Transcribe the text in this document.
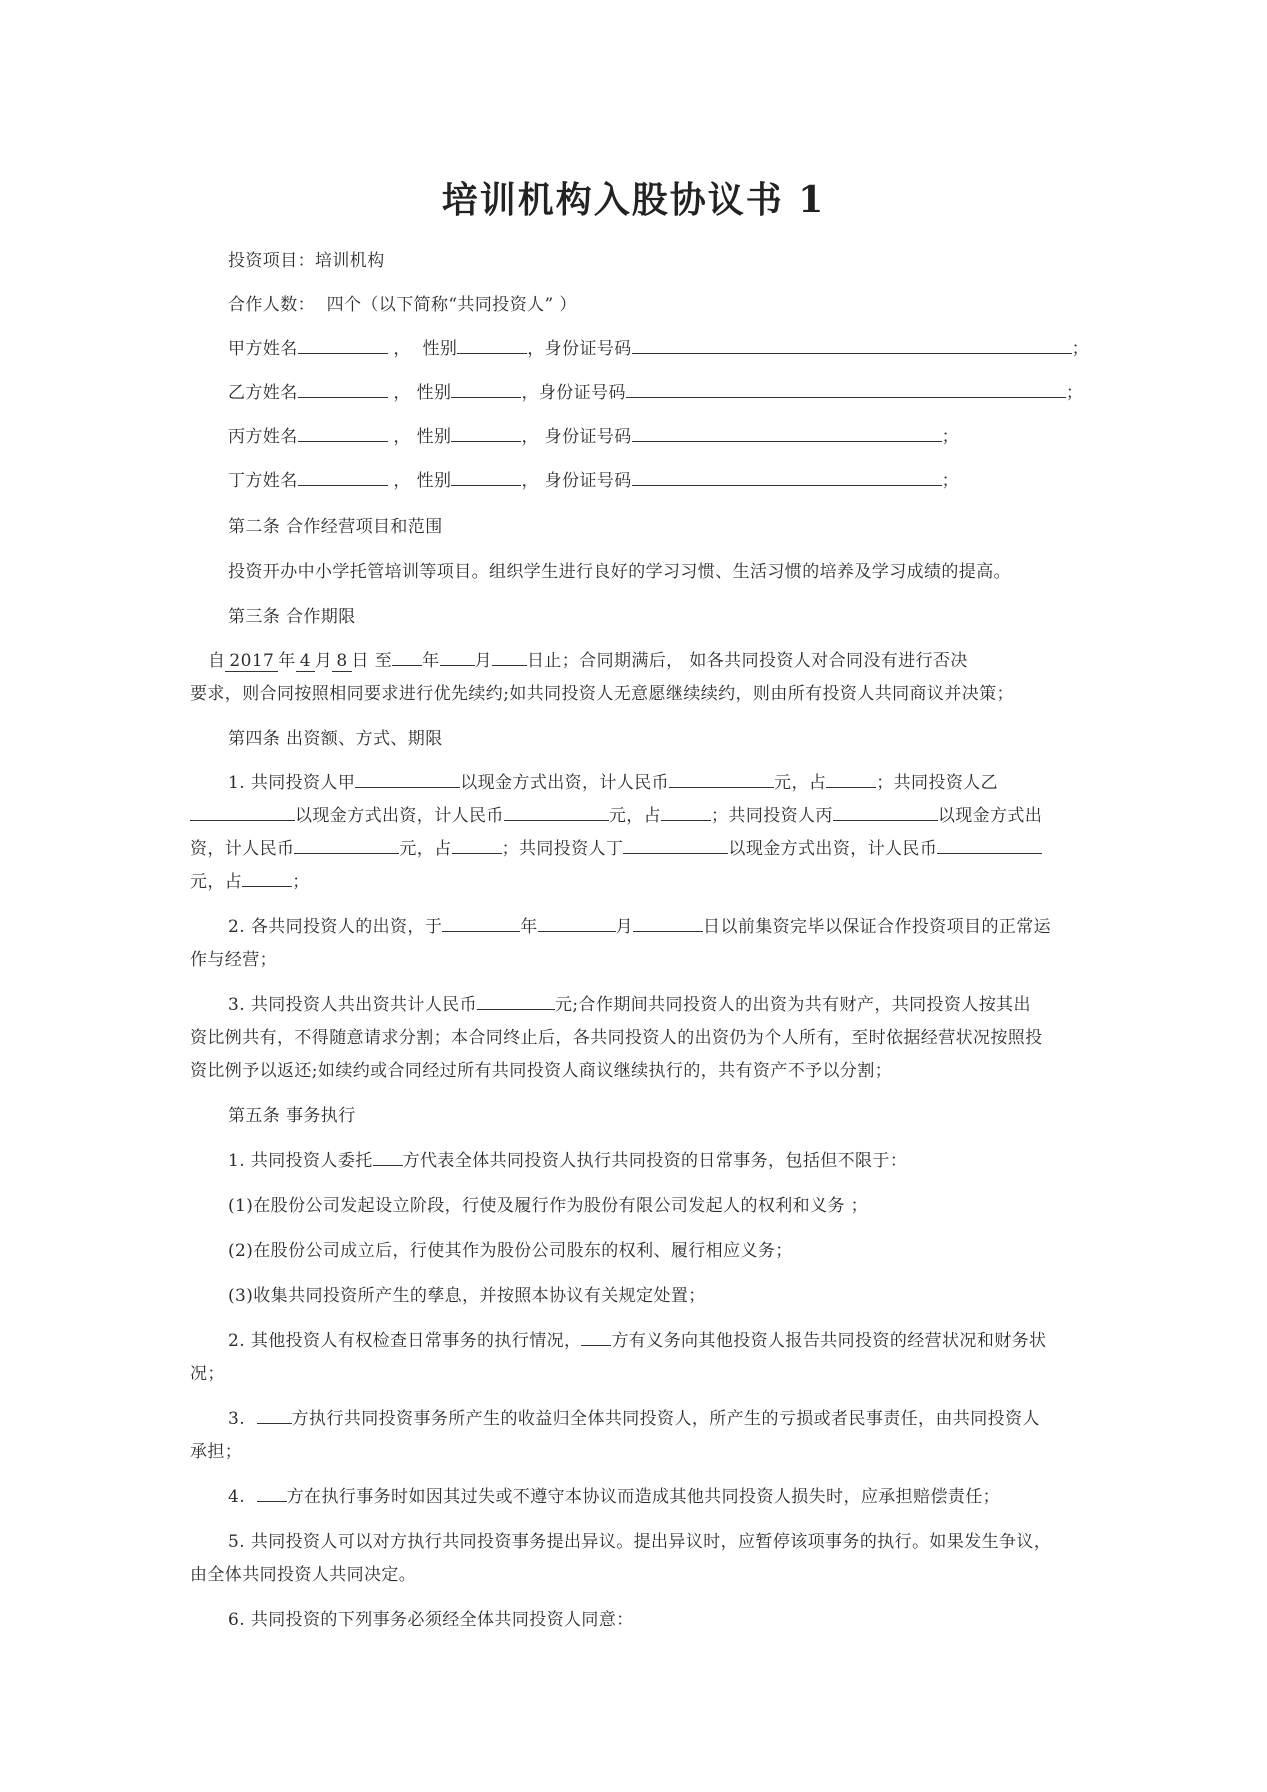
培训机构入股协议书 1
投资项目：培训机构
合作人数： 四个（以下简称“共同投资人” ）
甲方姓名	， 性别	，身份证号码	；
乙方姓名	， 性别	，身份证号码	；
丙方姓名	， 性别	， 身份证号码	；
丁方姓名	， 性别	， 身份证号码	；
第二条 合作经营项目和范围
投资开办中小学托管培训等项目。组织学生进行良好的学习习惯、生活习惯的培养及学习成绩的提高。
第三条 合作期限
自 2017 年 4 月 8 日 至 年 月 日止；合同期满后， 如各共同投资人对合同没有进行否决
要求，则合同按照相同要求进行优先续约;如共同投资人无意愿继续续约，则由所有投资人共同商议并决策；
第四条 出资额、方式、期限
1. 共同投资人甲	以现金方式出资，计人民币	元，占	；共同投资人乙
以现金方式出资，计人民币	元，占	；共同投资人丙	以现金方式出
资，计人民币	元，占	；共同投资人丁	以现金方式出资，计人民币
元，占	；
2. 各共同投资人的出资，于	年	月	日以前集资完毕以保证合作投资项目的正常运
作与经营；
3. 共同投资人共出资共计人民币	元;合作期间共同投资人的出资为共有财产，共同投资人按其出
资比例共有，不得随意请求分割；本合同终止后，各共同投资人的出资仍为个人所有，至时依据经营状况按照投
资比例予以返还;如续约或合同经过所有共同投资人商议继续执行的，共有资产不予以分割；
第五条 事务执行
1. 共同投资人委托 方代表全体共同投资人执行共同投资的日常事务，包括但不限于：
(1)在股份公司发起设立阶段，行使及履行作为股份有限公司发起人的权利和义务 ；
(2)在股份公司成立后，行使其作为股份公司股东的权利、履行相应义务；
(3)收集共同投资所产生的孳息，并按照本协议有关规定处置；
2. 其他投资人有权检查日常事务的执行情况， 方有义务向其他投资人报告共同投资的经营状况和财务状
况；
3.	方执行共同投资事务所产生的收益归全体共同投资人，所产生的亏损或者民事责任，由共同投资人
承担；
4. 方在执行事务时如因其过失或不遵守本协议而造成其他共同投资人损失时，应承担赔偿责任；
5. 共同投资人可以对方执行共同投资事务提出异议。提出异议时，应暂停该项事务的执行。如果发生争议，
由全体共同投资人共同决定。
6. 共同投资的下列事务必须经全体共同投资人同意：
